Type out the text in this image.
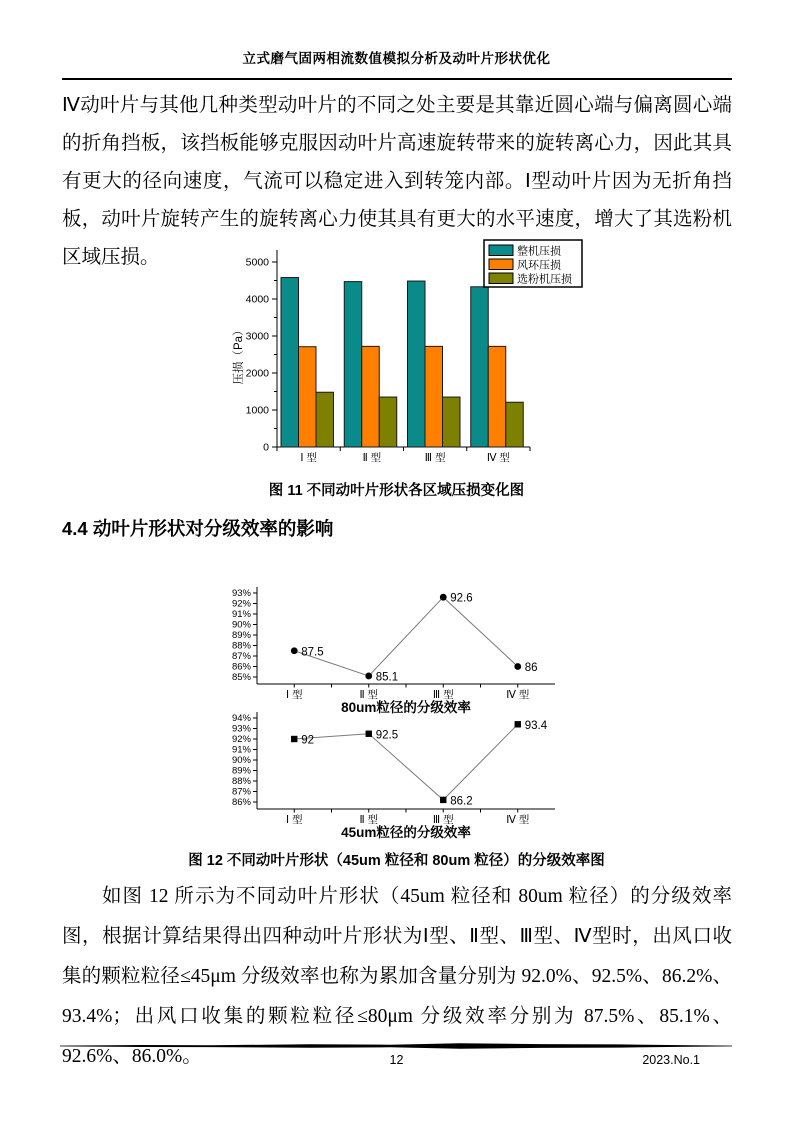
立式磨气固两相流数值模拟分析及动叶片形状优化

Ⅳ动叶片与其他几种类型动叶片的不同之处主要是其靠近圆心端与偏离圆心端的折角挡板，该挡板能够克服因动叶片高速旋转带来的旋转离心力，因此其具有更大的径向速度，气流可以稳定进入到转笼内部。Ⅰ型动叶片因为无折角挡板，动叶片旋转产生的旋转离心力使其具有更大的水平速度，增大了其选粉机区域压损。

0
1000
2000
3000
4000
5000
Ⅰ 型	Ⅱ 型	Ⅲ 型	Ⅳ 型
压损（Pa）
整机压损
风环压损
选粉机压损
图 11 不同动叶片形状各区域压损变化图
4.4 动叶片形状对分级效率的影响
85%
86%
87%
88%
89%
90%
91%
92%
93%
Ⅰ 型	Ⅱ 型	Ⅲ 型	Ⅳ 型
87.5
85.1
92.6
86
80um粒径的分级效率
86%
87%
88%
89%
90%
91%
92%
93%
94%
Ⅰ 型	Ⅱ 型	Ⅲ 型	Ⅳ 型
92	92.5
86.2
93.4
45um粒径的分级效率
图 12 不同动叶片形状（45um 粒径和 80um 粒径）的分级效率图

如图 12 所示为不同动叶片形状（45um 粒径和 80um 粒径）的分级效率图，根据计算结果得出四种动叶片形状为Ⅰ型、Ⅱ型、Ⅲ型、Ⅳ型时，出风口收集的颗粒粒径≤45μm 分级效率也称为累加含量分别为 92.0%、92.5%、86.2%、93.4%；出风口收集的颗粒粒径≤80μm 分级效率分别为 87.5%、85.1%、92.6%、86.0%。	12	2023.No.1
